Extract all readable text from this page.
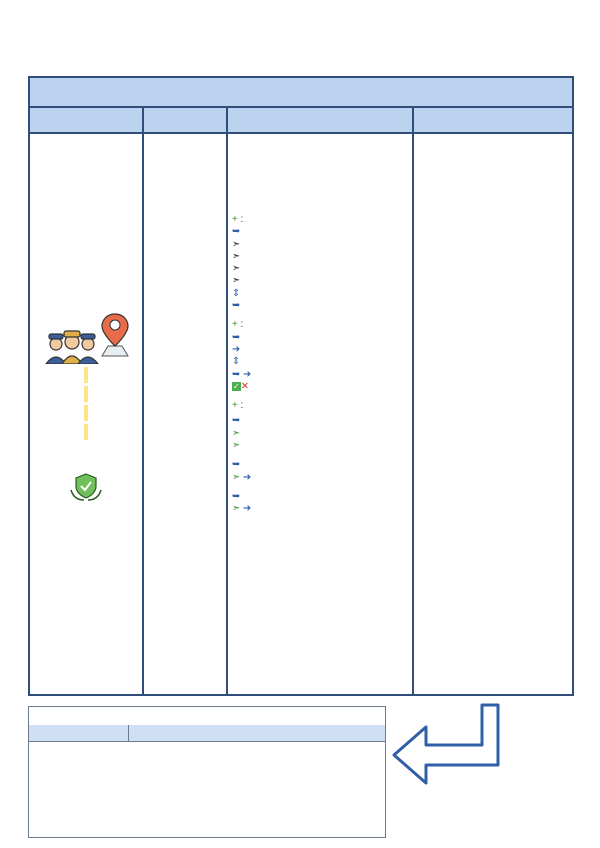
+ :
➥
➣
➣
➣
➣
⇕
➥
+ :
➥
➔
⇕
➥ ➔
✓✕
+ :
➥
➣
➣
➥
➣ ➔
➥
➣ ➔
